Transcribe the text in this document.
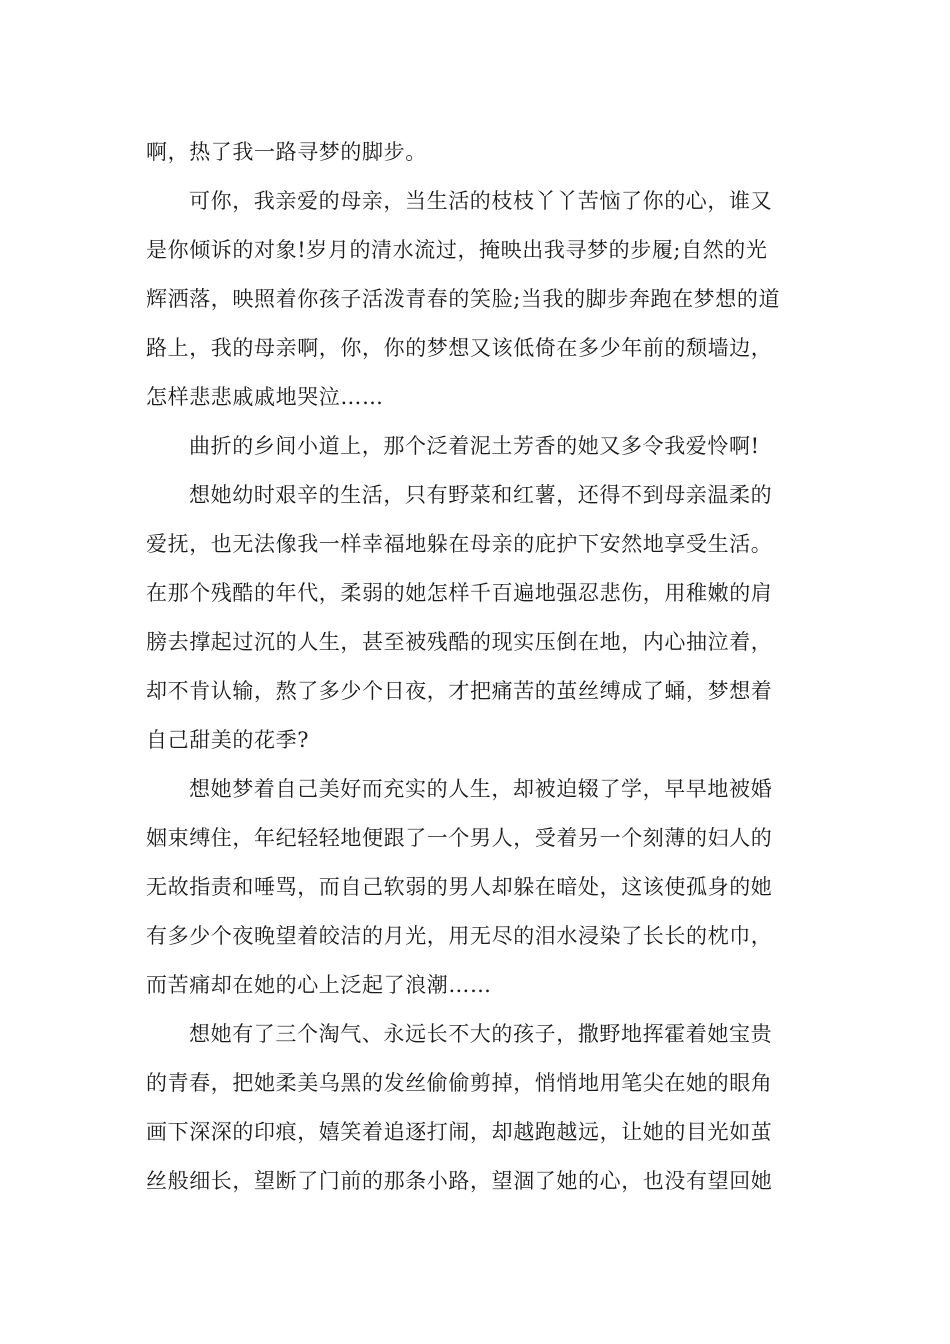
啊，热了我一路寻梦的脚步。
可你，我亲爱的母亲，当生活的枝枝丫丫苦恼了你的心，谁又
是你倾诉的对象!岁月的清水流过，掩映出我寻梦的步履;自然的光
辉洒落，映照着你孩子活泼青春的笑脸;当我的脚步奔跑在梦想的道
路上，我的母亲啊，你，你的梦想又该低倚在多少年前的颓墙边，
怎样悲悲戚戚地哭泣……
曲折的乡间小道上，那个泛着泥土芳香的她又多令我爱怜啊!
想她幼时艰辛的生活，只有野菜和红薯，还得不到母亲温柔的
爱抚，也无法像我一样幸福地躲在母亲的庇护下安然地享受生活。
在那个残酷的年代，柔弱的她怎样千百遍地强忍悲伤，用稚嫩的肩
膀去撑起过沉的人生，甚至被残酷的现实压倒在地，内心抽泣着，
却不肯认输，熬了多少个日夜，才把痛苦的茧丝缚成了蛹，梦想着
自己甜美的花季?
想她梦着自己美好而充实的人生，却被迫辍了学，早早地被婚
姻束缚住，年纪轻轻地便跟了一个男人，受着另一个刻薄的妇人的
无故指责和唾骂，而自己软弱的男人却躲在暗处，这该使孤身的她
有多少个夜晚望着皎洁的月光，用无尽的泪水浸染了长长的枕巾，
而苦痛却在她的心上泛起了浪潮……
想她有了三个淘气、永远长不大的孩子，撒野地挥霍着她宝贵
的青春，把她柔美乌黑的发丝偷偷剪掉，悄悄地用笔尖在她的眼角
画下深深的印痕，嬉笑着追逐打闹，却越跑越远，让她的目光如茧
丝般细长，望断了门前的那条小路，望涸了她的心，也没有望回她
